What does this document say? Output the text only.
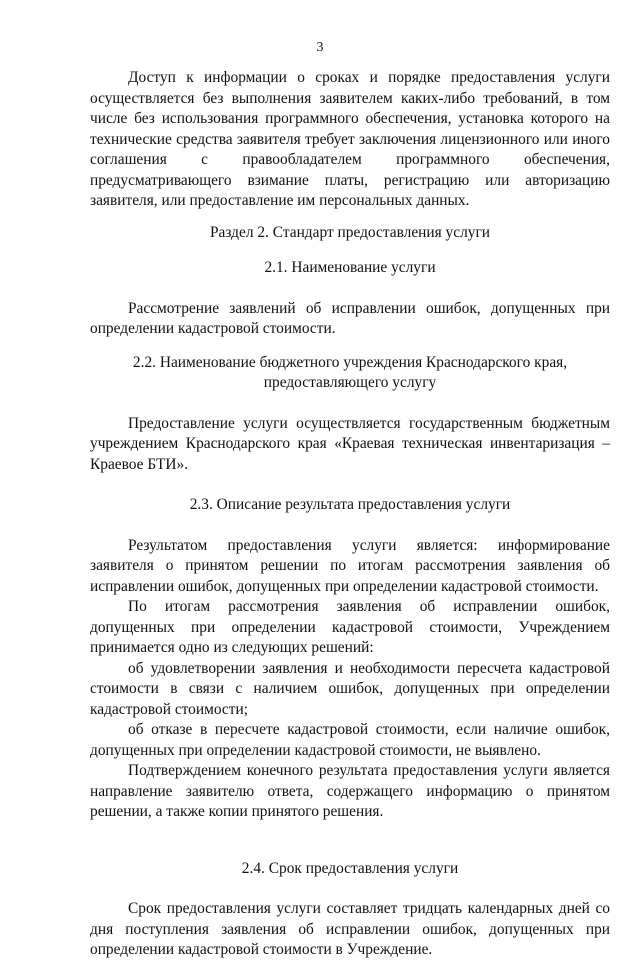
3

Доступ к информации о сроках и порядке предоставления услуги осуществляется без выполнения заявителем каких-либо требований, в том числе без использования программного обеспечения, установка которого на технические средства заявителя требует заключения лицензионного или иного соглашения с правообладателем программного обеспечения, предусматривающего взимание платы, регистрацию или авторизацию заявителя, или предоставление им персональных данных.

Раздел 2. Стандарт предоставления услуги

2.1. Наименование услуги

Рассмотрение заявлений об исправлении ошибок, допущенных при определении кадастровой стоимости.

2.2. Наименование бюджетного учреждения Краснодарского края,

предоставляющего услугу

Предоставление услуги осуществляется государственным бюджетным учреждением Краснодарского края «Краевая техническая инвентаризация – Краевое БТИ».

2.3. Описание результата предоставления услуги

Результатом предоставления услуги является: информирование заявителя о принятом решении по итогам рассмотрения заявления об исправлении ошибок, допущенных при определении кадастровой стоимости.

По итогам рассмотрения заявления об исправлении ошибок, допущенных при определении кадастровой стоимости, Учреждением принимается одно из следующих решений:

об удовлетворении заявления и необходимости пересчета кадастровой стоимости в связи с наличием ошибок, допущенных при определении кадастровой стоимости;

об отказе в пересчете кадастровой стоимости, если наличие ошибок, допущенных при определении кадастровой стоимости, не выявлено.

Подтверждением конечного результата предоставления услуги является направление заявителю ответа, содержащего информацию о принятом решении, а также копии принятого решения.

2.4. Срок предоставления услуги

Срок предоставления услуги составляет тридцать календарных дней со дня поступления заявления об исправлении ошибок, допущенных при определении кадастровой стоимости в Учреждение.
